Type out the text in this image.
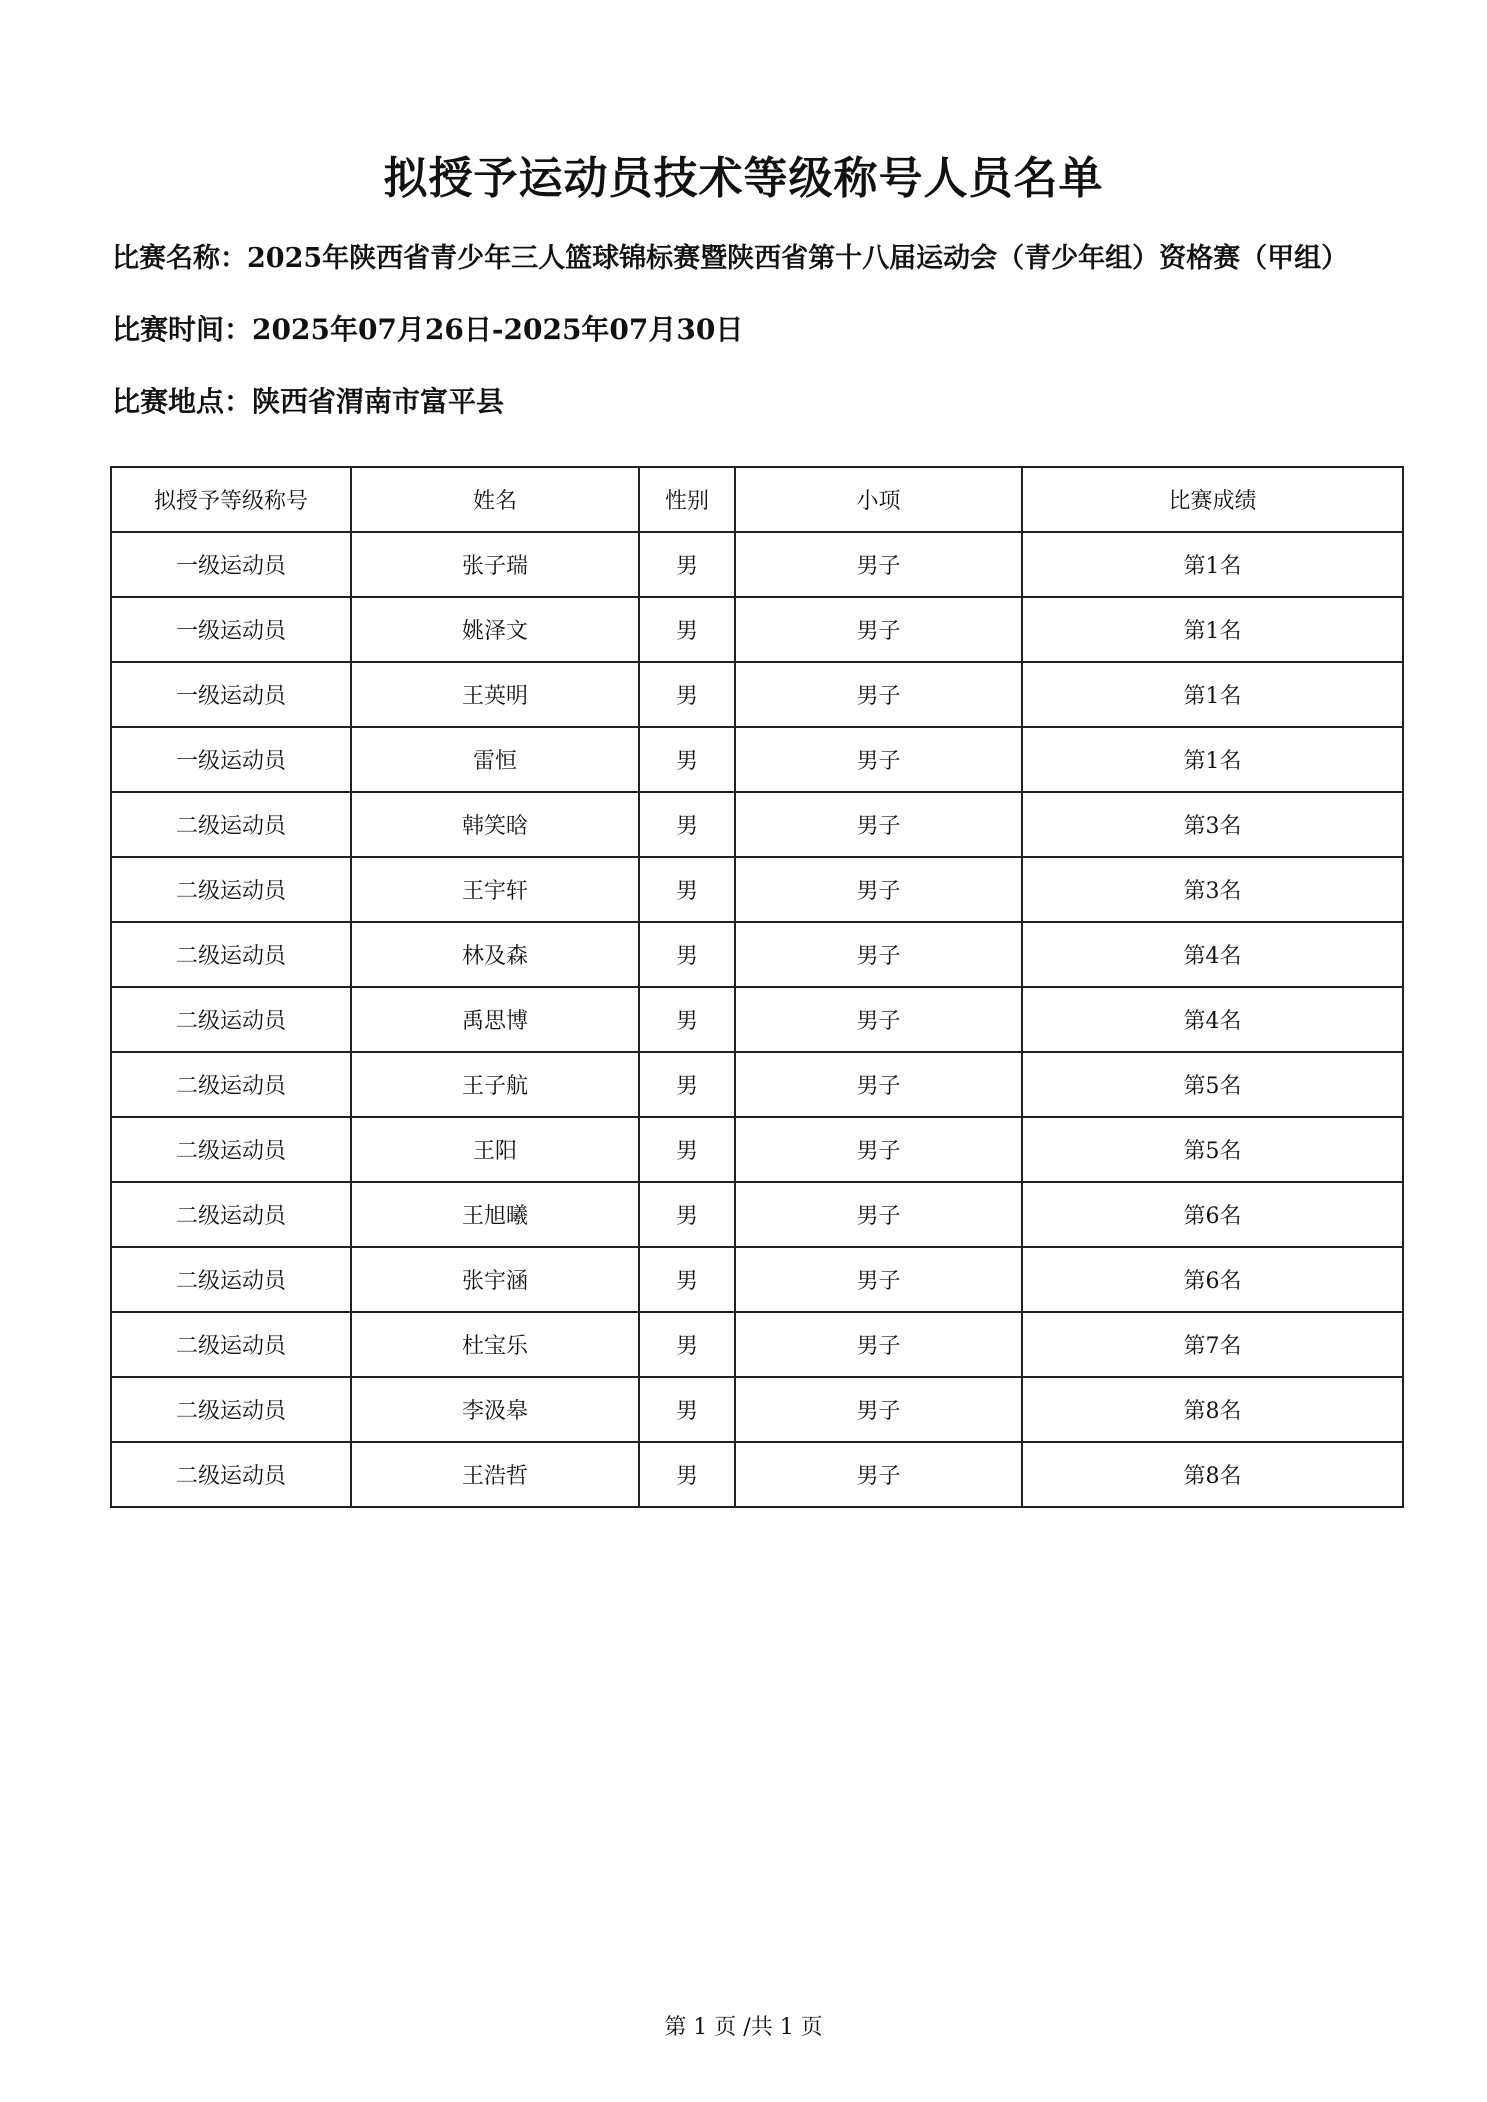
拟授予运动员技术等级称号人员名单
比赛名称：2025年陕西省青少年三人篮球锦标赛暨陕西省第十八届运动会（青少年组）资格赛（甲组）
比赛时间：2025年07月26日-2025年07月30日
比赛地点：陕西省渭南市富平县
拟授予等级称号	姓名	性别	小项	比赛成绩
一级运动员	张子瑞	男	男子	第1名
一级运动员	姚泽文	男	男子	第1名
一级运动员	王英明	男	男子	第1名
一级运动员	雷恒	男	男子	第1名
二级运动员	韩笑晗	男	男子	第3名
二级运动员	王宇轩	男	男子	第3名
二级运动员	林及森	男	男子	第4名
二级运动员	禹思博	男	男子	第4名
二级运动员	王子航	男	男子	第5名
二级运动员	王阳	男	男子	第5名
二级运动员	王旭曦	男	男子	第6名
二级运动员	张宇涵	男	男子	第6名
二级运动员	杜宝乐	男	男子	第7名
二级运动员	李汲皋	男	男子	第8名
二级运动员	王浩哲	男	男子	第8名
第 1 页 /共 1 页
